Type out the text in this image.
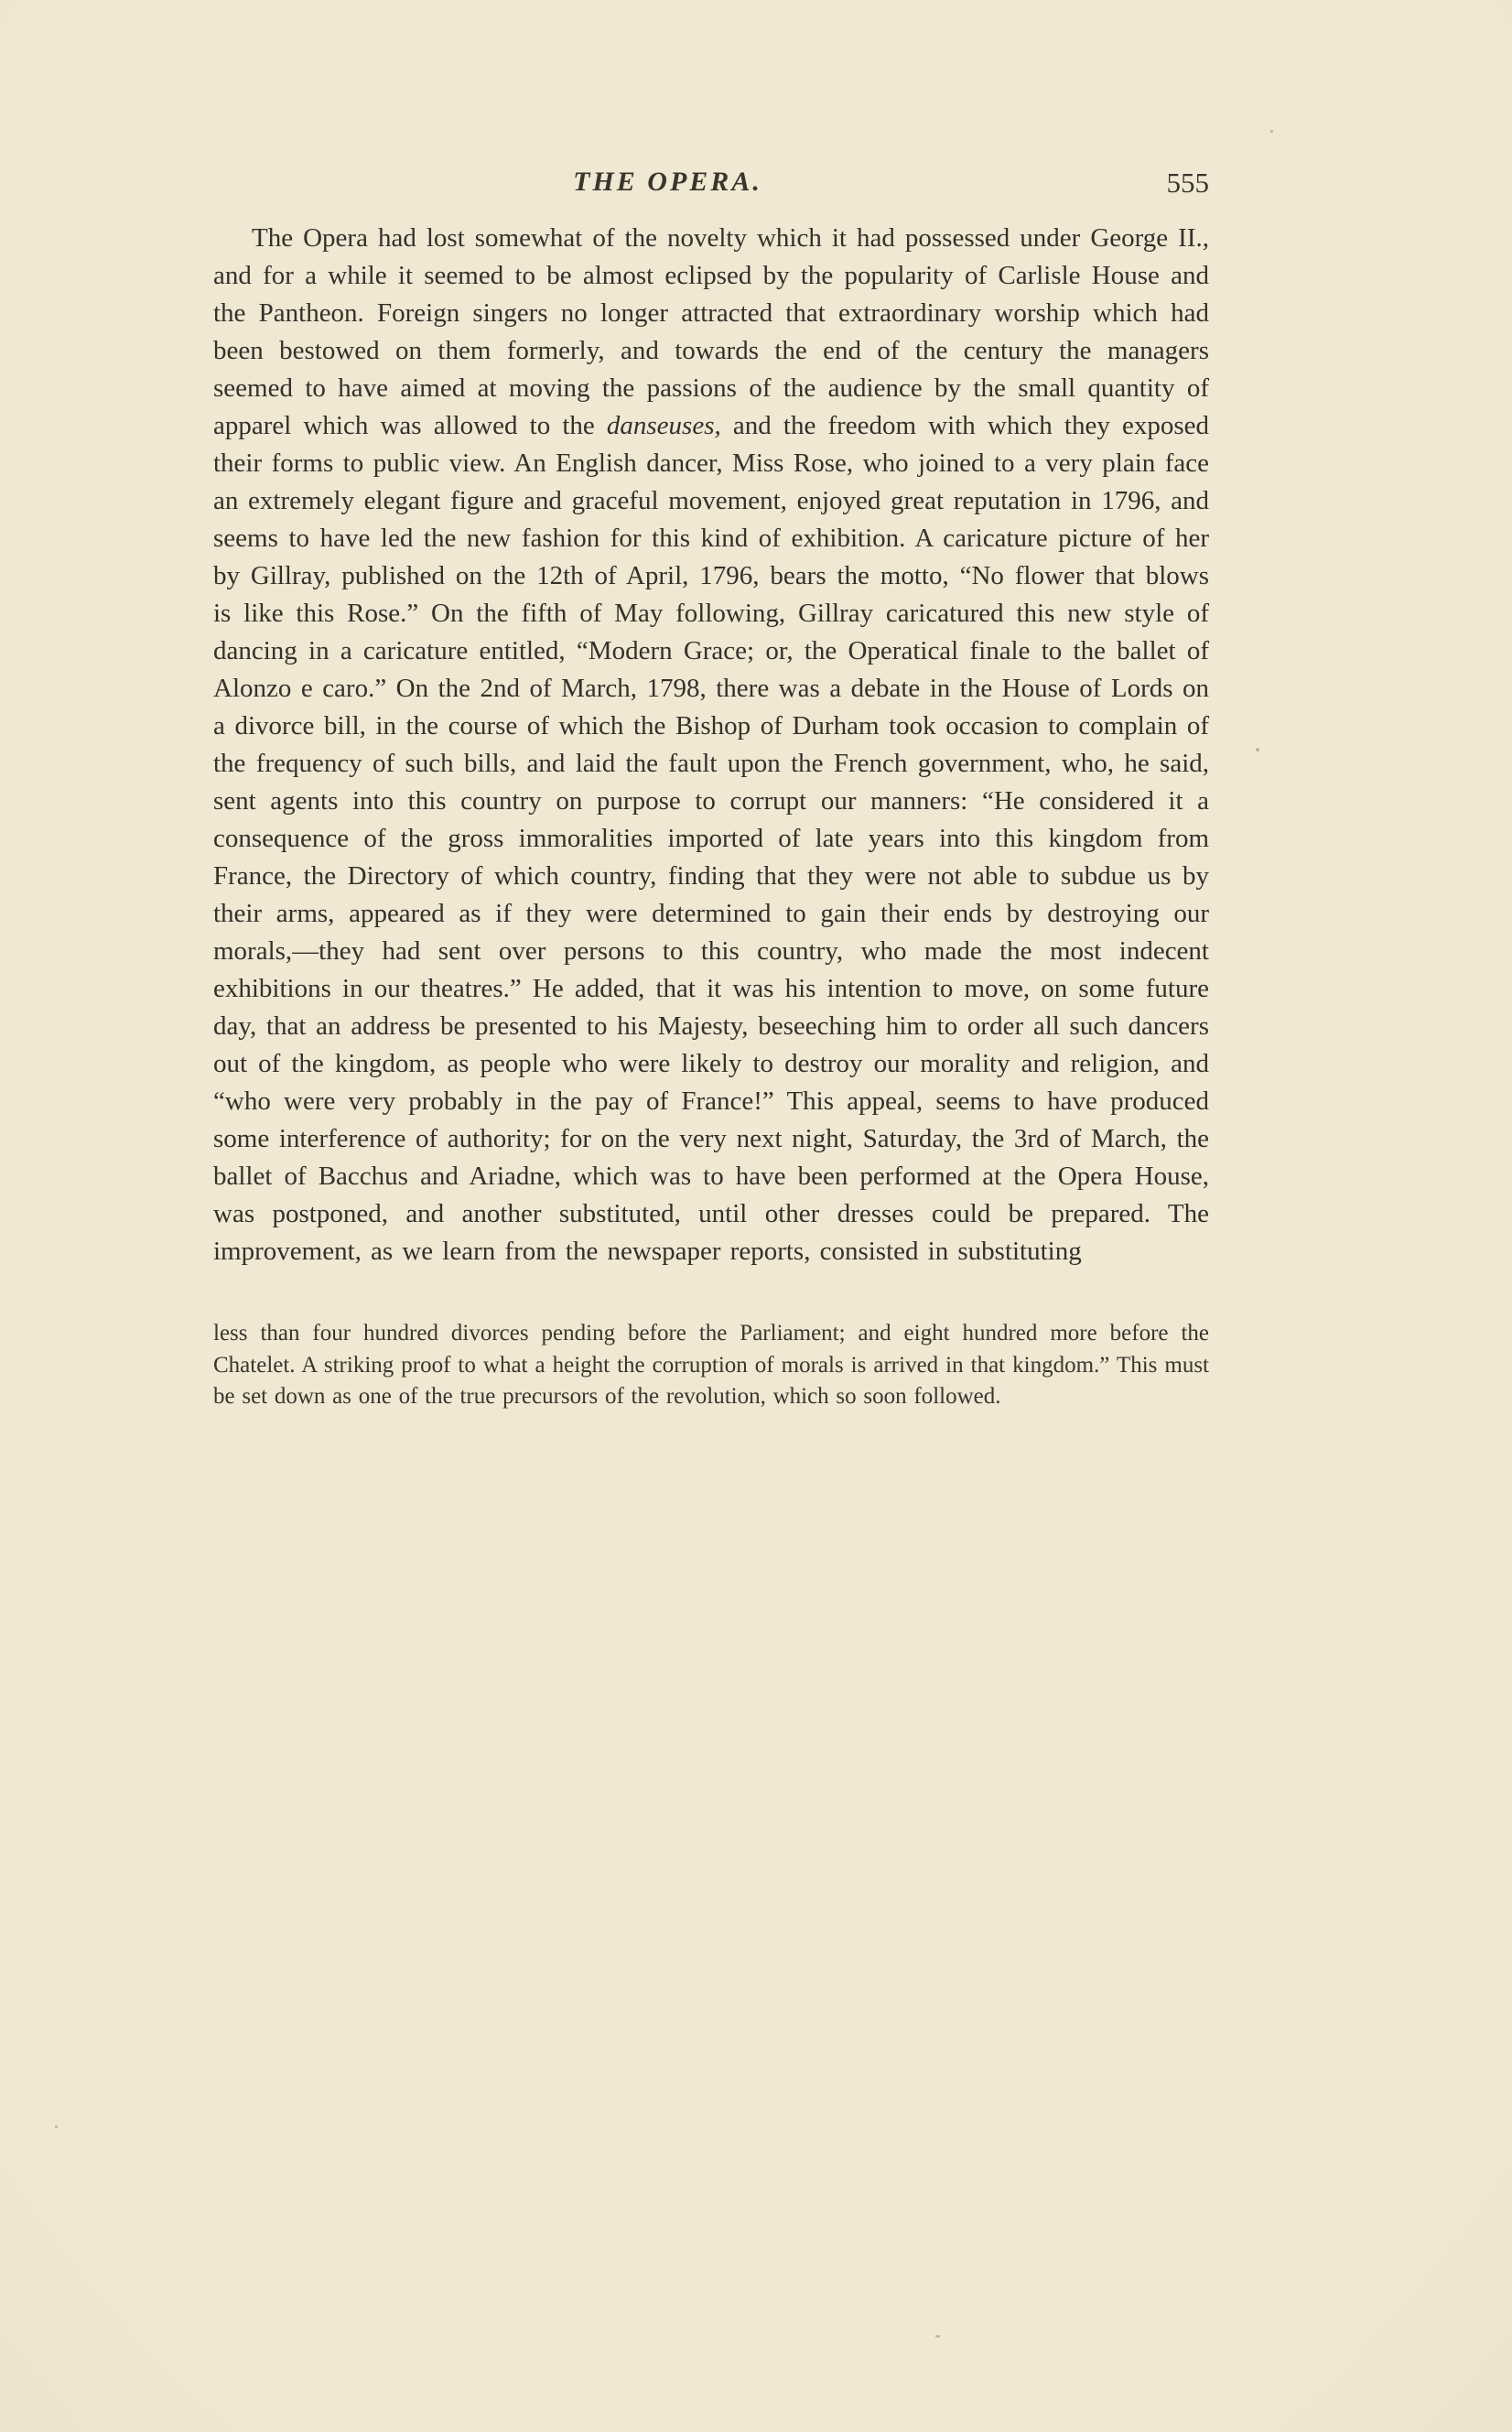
THE OPERA.	555
The Opera had lost somewhat of the novelty which it had possessed under George II., and for a while it seemed to be almost eclipsed by the popularity of Carlisle House and the Pantheon. Foreign singers no longer attracted that extraordinary worship which had been bestowed on them formerly, and towards the end of the century the managers seemed to have aimed at moving the passions of the audience by the small quantity of apparel which was allowed to the danseuses, and the freedom with which they exposed their forms to public view. An English dancer, Miss Rose, who joined to a very plain face an extremely elegant figure and graceful movement, enjoyed great reputation in 1796, and seems to have led the new fashion for this kind of exhibition. A caricature picture of her by Gillray, published on the 12th of April, 1796, bears the motto, “No flower that blows is like this Rose.” On the fifth of May following, Gillray caricatured this new style of dancing in a caricature entitled, “Modern Grace; or, the Operatical finale to the ballet of Alonzo e caro.” On the 2nd of March, 1798, there was a debate in the House of Lords on a divorce bill, in the course of which the Bishop of Durham took occasion to complain of the frequency of such bills, and laid the fault upon the French government, who, he said, sent agents into this country on purpose to corrupt our manners: “He considered it a consequence of the gross immoralities imported of late years into this kingdom from France, the Directory of which country, finding that they were not able to subdue us by their arms, appeared as if they were determined to gain their ends by destroying our morals,—they had sent over persons to this country, who made the most indecent exhibitions in our theatres.” He added, that it was his intention to move, on some future day, that an address be presented to his Majesty, beseeching him to order all such dancers out of the kingdom, as people who were likely to destroy our morality and religion, and “who were very probably in the pay of France!” This appeal, seems to have produced some interference of authority; for on the very next night, Saturday, the 3rd of March, the ballet of Bacchus and Ariadne, which was to have been performed at the Opera House, was postponed, and another substituted, until other dresses could be prepared. The improvement, as we learn from the newspaper reports, consisted in substituting
less than four hundred divorces pending before the Parliament; and eight hundred more before the Chatelet. A striking proof to what a height the corruption of morals is arrived in that kingdom.” This must be set down as one of the true precursors of the revolution, which so soon followed.
